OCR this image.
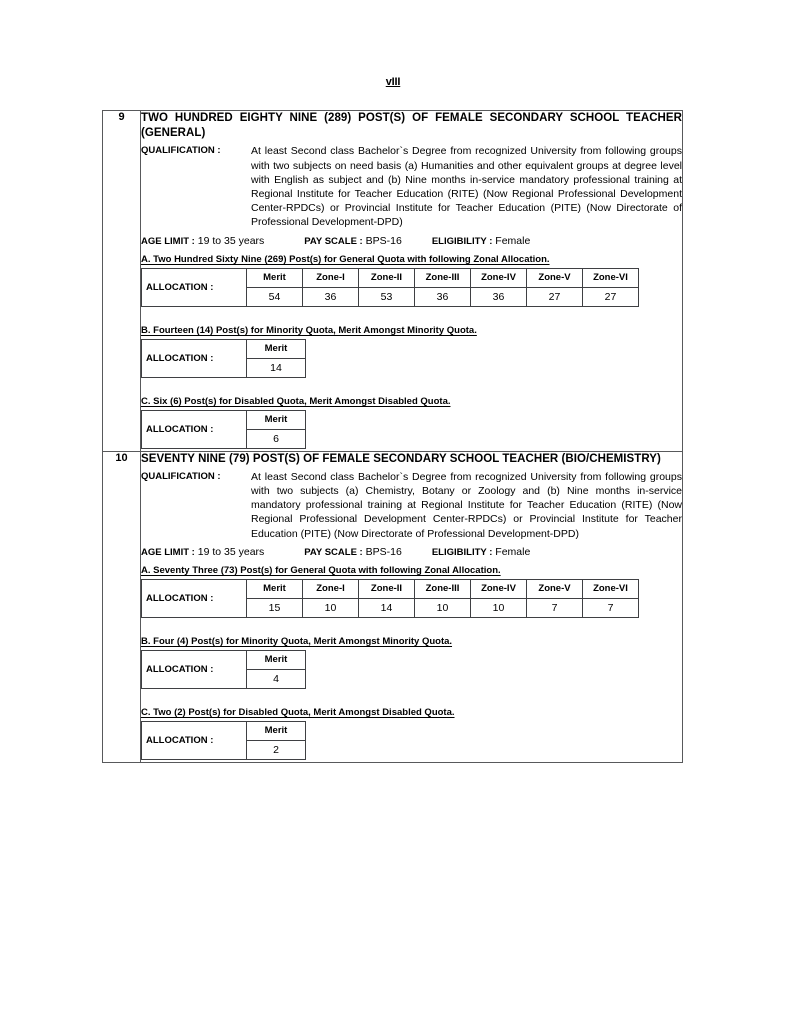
vIII
9	TWO HUNDRED EIGHTY NINE (289) POST(S) OF FEMALE SECONDARY SCHOOL TEACHER (GENERAL)
QUALIFICATION :	At least Second class Bachelor`s Degree from recognized University from following groups with two subjects on need basis (a) Humanities and other equivalent groups at degree level with English as subject and (b) Nine months in-service mandatory professional training at Regional Institute for Teacher Education (RITE) (Now Regional Professional Development Center-RPDCs) or Provincial Institute for Teacher Education (PITE) (Now Directorate of Professional Development-DPD)
AGE LIMIT : 19 to 35 years	PAY SCALE : BPS-16	ELIGIBILITY : Female
A. Two Hundred Sixty Nine (269) Post(s) for General Quota with following Zonal Allocation.
ALLOCATION :	Merit	Zone-I	Zone-II	Zone-III	Zone-IV	Zone-V	Zone-VI
54	36	53	36	36	27	27
B. Fourteen (14) Post(s) for Minority Quota, Merit Amongst Minority Quota.
ALLOCATION :	Merit
14
C. Six (6) Post(s) for Disabled Quota, Merit Amongst Disabled Quota.
ALLOCATION :	Merit
6

10	SEVENTY NINE (79) POST(S) OF FEMALE SECONDARY SCHOOL TEACHER (BIO/CHEMISTRY)
QUALIFICATION :	At least Second class Bachelor`s Degree from recognized University from following groups with two subjects (a) Chemistry, Botany or Zoology and (b) Nine months in-service mandatory professional training at Regional Institute for Teacher Education (RITE) (Now Regional Professional Development Center-RPDCs) or Provincial Institute for Teacher Education (PITE) (Now Directorate of Professional Development-DPD)
AGE LIMIT : 19 to 35 years	PAY SCALE : BPS-16	ELIGIBILITY : Female
A. Seventy Three (73) Post(s) for General Quota with following Zonal Allocation.
ALLOCATION :	Merit	Zone-I	Zone-II	Zone-III	Zone-IV	Zone-V	Zone-VI
15	10	14	10	10	7	7
B. Four (4) Post(s) for Minority Quota, Merit Amongst Minority Quota.
ALLOCATION :	Merit
4
C. Two (2) Post(s) for Disabled Quota, Merit Amongst Disabled Quota.
ALLOCATION :	Merit
2
